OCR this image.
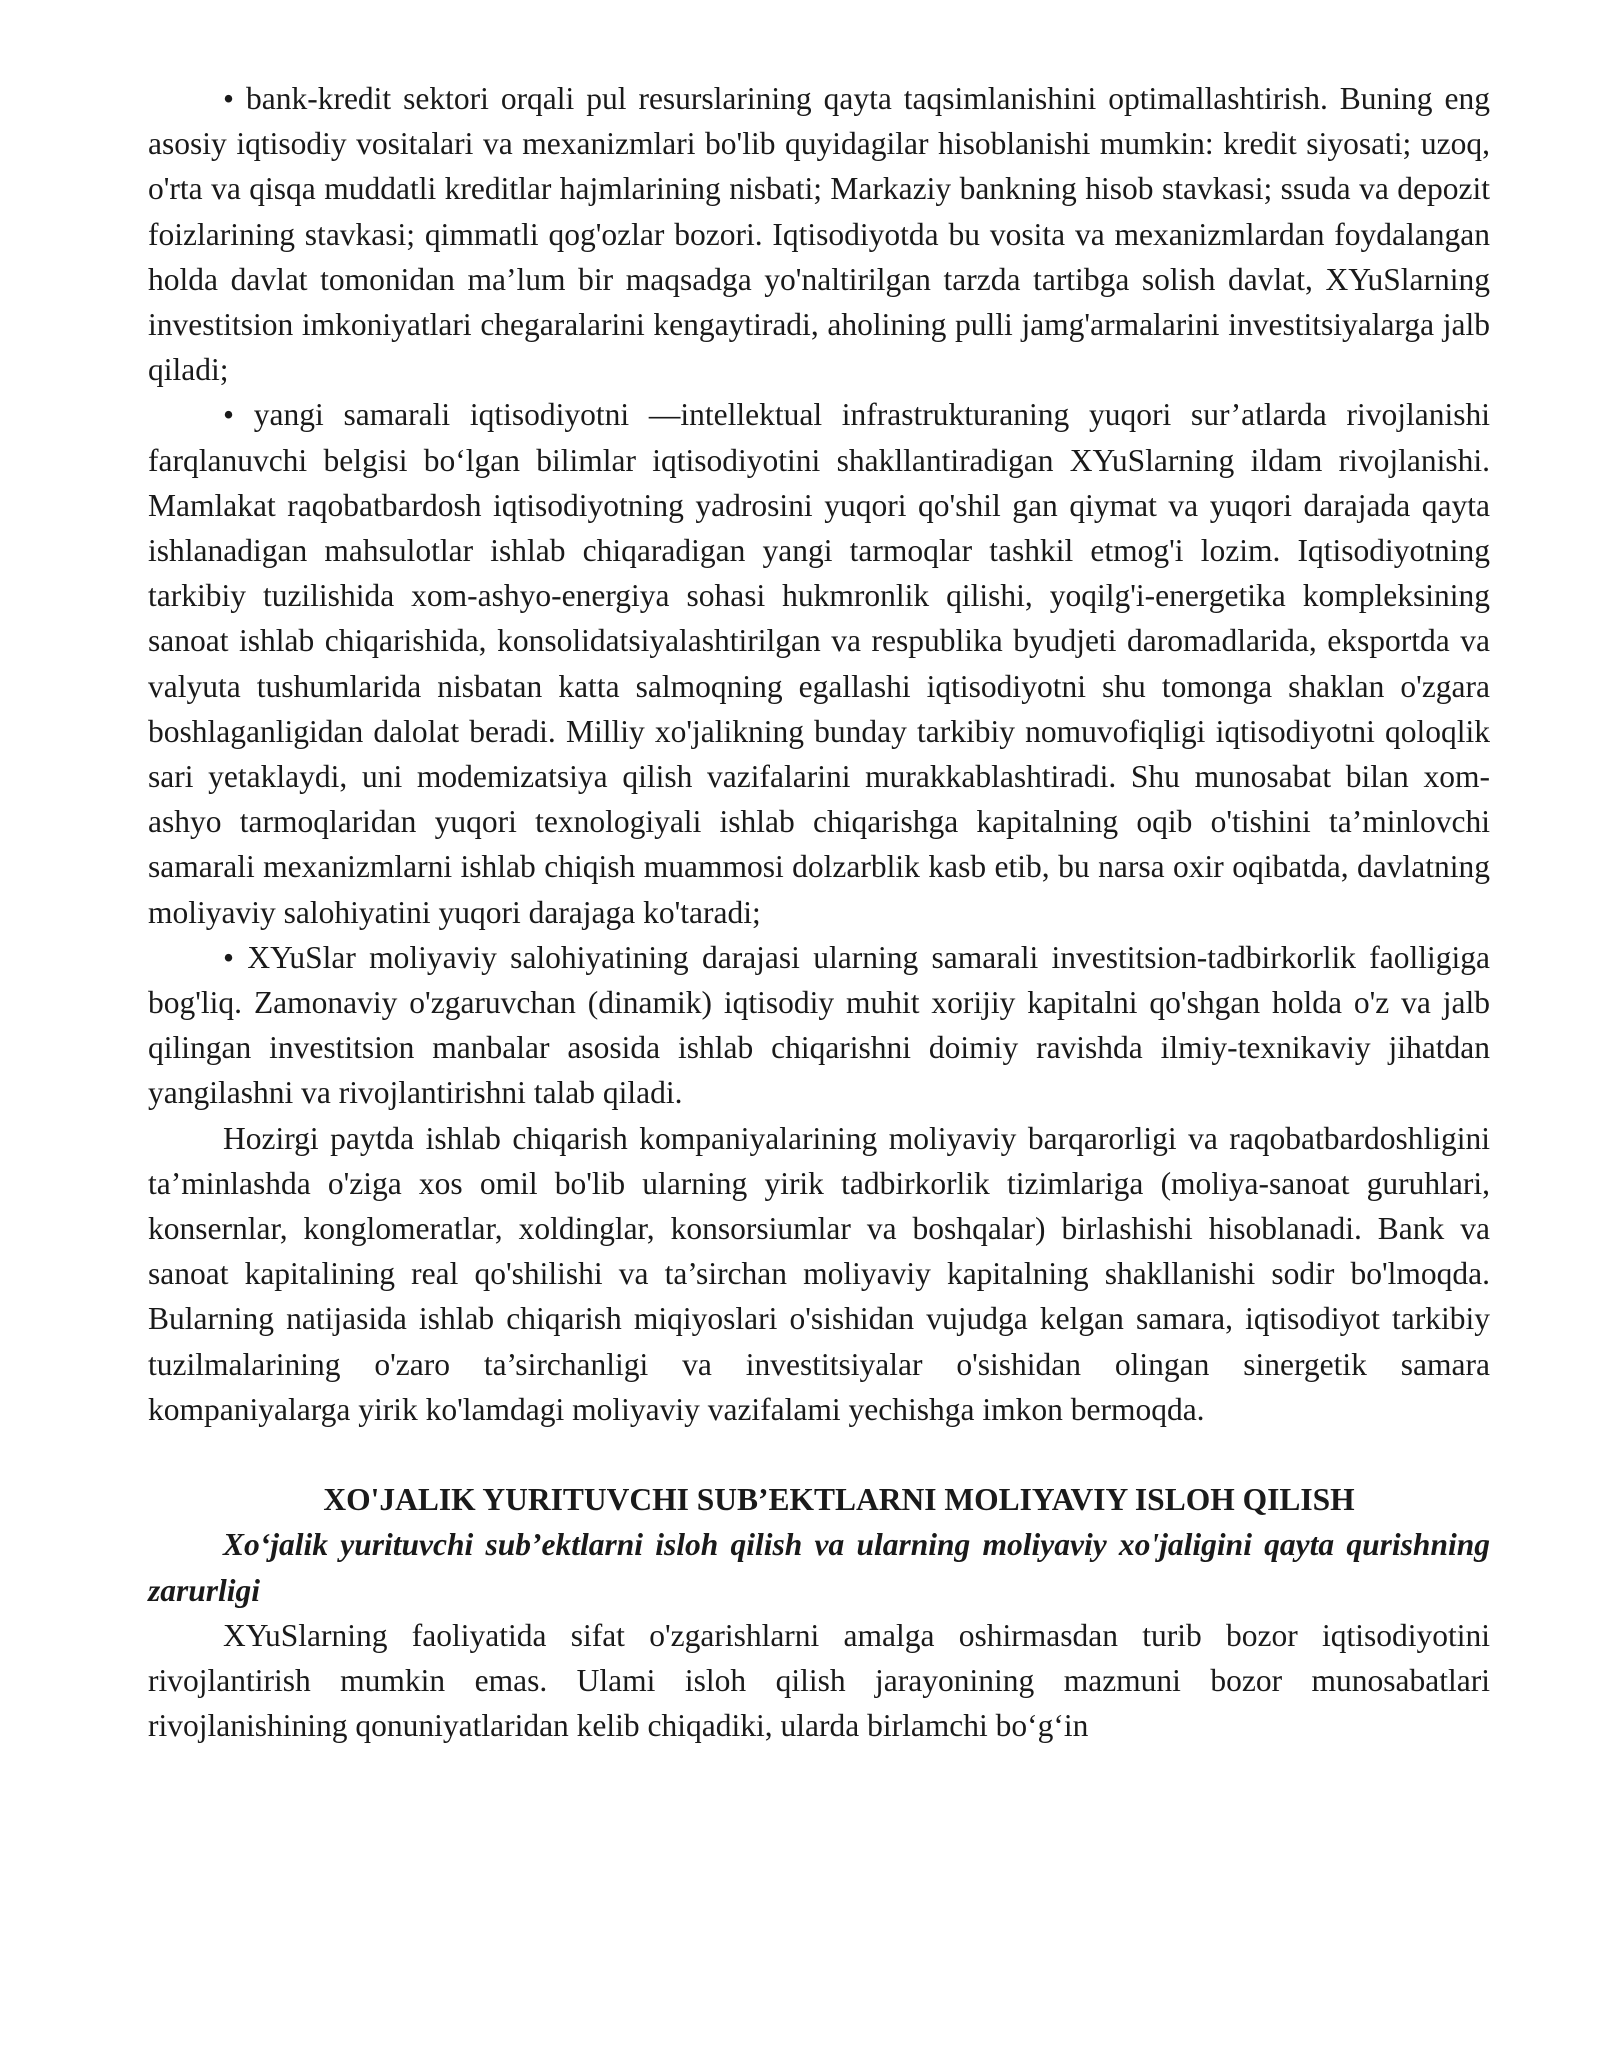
• bank-kredit sektori orqali pul resurslarining qayta taqsimlanishini optimallashtirish. Buning eng asosiy iqtisodiy vositalari va mexanizmlari bo'lib quyidagilar hisoblanishi mumkin: kredit siyosati; uzoq, o'rta va qisqa muddatli kreditlar hajmlarining nisbati; Markaziy bankning hisob stavkasi; ssuda va depozit foizlarining stavkasi; qimmatli qog'ozlar bozori. Iqtisodiyotda bu vosita va mexanizmlardan foydalangan holda davlat tomonidan ma’lum bir maqsadga yo'naltirilgan tarzda tartibga solish davlat, XYuSlarning investitsion imkoniyatlari chegaralarini kengaytiradi, aholining pulli jamg'armalarini investitsiyalarga jalb qiladi;

• yangi samarali iqtisodiyotni —intellektual infrastrukturaning yuqori sur’atlarda rivojlanishi farqlanuvchi belgisi bo‘lgan bilimlar iqtisodiyotini shakllantiradigan XYuSlarning ildam rivojlanishi. Mamlakat raqobatbardosh iqtisodiyotning yadrosini yuqori qo'shil gan qiymat va yuqori darajada qayta ishlanadigan mahsulotlar ishlab chiqaradigan yangi tarmoqlar tashkil etmog'i lozim. Iqtisodiyotning tarkibiy tuzilishida xom-ashyo-energiya sohasi hukmronlik qilishi, yoqilg'i-energetika kompleksining sanoat ishlab chiqarishida, konsolidatsiyalashtirilgan va respublika byudjeti daromadlarida, eksportda va valyuta tushumlarida nisbatan katta salmoqning egallashi iqtisodiyotni shu tomonga shaklan o'zgara boshlaganligidan dalolat beradi. Milliy xo'jalikning bunday tarkibiy nomuvofiqligi iqtisodiyotni qoloqlik sari yetaklaydi, uni modemizatsiya qilish vazifalarini murakkablashtiradi. Shu munosabat bilan xom-ashyo tarmoqlaridan yuqori texnologiyali ishlab chiqarishga kapitalning oqib o'tishini ta’minlovchi samarali mexanizmlarni ishlab chiqish muammosi dolzarblik kasb etib, bu narsa oxir oqibatda, davlatning moliyaviy salohiyatini yuqori darajaga ko'taradi;

• XYuSlar moliyaviy salohiyatining darajasi ularning samarali investitsion-tadbirkorlik faolligiga bog'liq. Zamonaviy o'zgaruvchan (dinamik) iqtisodiy muhit xorijiy kapitalni qo'shgan holda o'z va jalb qilingan investitsion manbalar asosida ishlab chiqarishni doimiy ravishda ilmiy-texnikaviy jihatdan yangilashni va rivojlantirishni talab qiladi.

Hozirgi paytda ishlab chiqarish kompaniyalarining moliyaviy barqarorligi va raqobatbardoshligini ta’minlashda o'ziga xos omil bo'lib ularning yirik tadbirkorlik tizimlariga (moliya-sanoat guruhlari, konsernlar, konglomeratlar, xoldinglar, konsorsiumlar va boshqalar) birlashishi hisoblanadi. Bank va sanoat kapitalining real qo'shilishi va ta’sirchan moliyaviy kapitalning shakllanishi sodir bo'lmoqda. Bularning natijasida ishlab chiqarish miqiyoslari o'sishidan vujudga kelgan samara, iqtisodiyot tarkibiy tuzilmalarining o'zaro ta’sirchanligi va investitsiyalar o'sishidan olingan sinergetik samara kompaniyalarga yirik ko'lamdagi moliyaviy vazifalami yechishga imkon bermoqda.

XO'JALIK YURITUVCHI SUB’EKTLARNI MOLIYAVIY ISLOH QILISH

Xo‘jalik yurituvchi sub’ektlarni isloh qilish va ularning moliyaviy xo'jaligini qayta qurishning zarurligi

XYuSlarning faoliyatida sifat o'zgarishlarni amalga oshirmasdan turib bozor iqtisodiyotini rivojlantirish mumkin emas. Ulami isloh qilish jarayonining mazmuni bozor munosabatlari rivojlanishining qonuniyatlaridan kelib chiqadiki, ularda birlamchi bo‘g‘in
